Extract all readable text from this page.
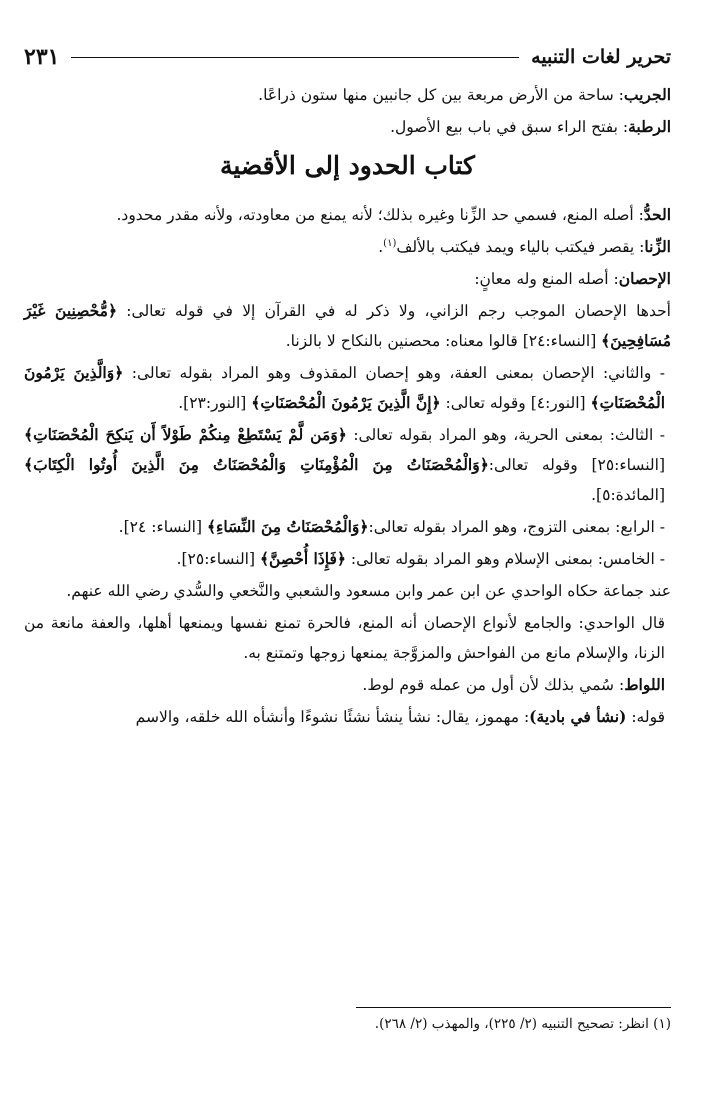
تحرير لغات التنبيه
٢٣١

الجريب: ساحة من الأرض مربعة بين كل جانبين منها ستون ذراعًا.

الرطبة: بفتح الراء سبق في باب بيع الأصول.

كتاب الحدود إلى الأقضية

الحدُّ: أصله المنع، فسمي حد الزِّنا وغيره بذلك؛ لأنه يمنع من معاودته، ولأنه مقدر محدود.

الزِّنا: يقصر فيكتب بالياء ويمد فيكتب بالألف$^{(١)}$.

الإحصان: أصله المنع وله معانٍ:

أحدها الإحصان الموجب رجم الزاني، ولا ذكر له في القرآن إلا في قوله تعالى: ﴿مُّحْصِنِينَ غَيْرَ مُسَافِحِينَ﴾ [النساء:٢٤] قالوا معناه: محصنين بالنكاح لا بالزنا.

- والثاني: الإحصان بمعنى العفة، وهو إحصان المقذوف وهو المراد بقوله تعالى: ﴿وَالَّذِينَ يَرْمُونَ الْمُحْصَنَاتِ﴾ [النور:٤] وقوله تعالى: ﴿إِنَّ الَّذِينَ يَرْمُونَ الْمُحْصَنَاتِ﴾ [النور:٢٣].

- الثالث: بمعنى الحرية، وهو المراد بقوله تعالى: ﴿وَمَن لَّمْ يَسْتَطِعْ مِنكُمْ طَوْلاً أَن يَنكِحَ الْمُحْصَنَاتِ﴾ [النساء:٢٥] وقوله تعالى:﴿وَالْمُحْصَنَاتُ مِنَ الْمُؤْمِنَاتِ وَالْمُحْصَنَاتُ مِنَ الَّذِينَ أُوتُوا الْكِتَابَ﴾ [المائدة:٥].

- الرابع: بمعنى التزوج، وهو المراد بقوله تعالى:﴿وَالْمُحْصَنَاتُ مِنَ النِّسَاءِ﴾ [النساء: ٢٤].

- الخامس: بمعنى الإسلام وهو المراد بقوله تعالى: ﴿فَإِذَا أُحْصِنَّ﴾ [النساء:٢٥].

عند جماعة حكاه الواحدي عن ابن عمر وابن مسعود والشعبي والنَّخعي والسُّدي رضي الله عنهم.

قال الواحدي: والجامع لأنواع الإحصان أنه المنع، فالحرة تمنع نفسها ويمنعها أهلها، والعفة مانعة من الزنا، والإسلام مانع من الفواحش والمزوَّجة يمنعها زوجها وتمتنع به.

اللواط: سُمي بذلك لأن أول من عمله قوم لوط.

قوله: (نشأ في بادية): مهموز، يقال: نشأ ينشأ نشئًا نشوءًا وأنشأه الله خلقه، والاسم

(١) انظر: تصحيح التنبيه (٢/ ٢٢٥)، والمهذب (٢/ ٢٦٨).
